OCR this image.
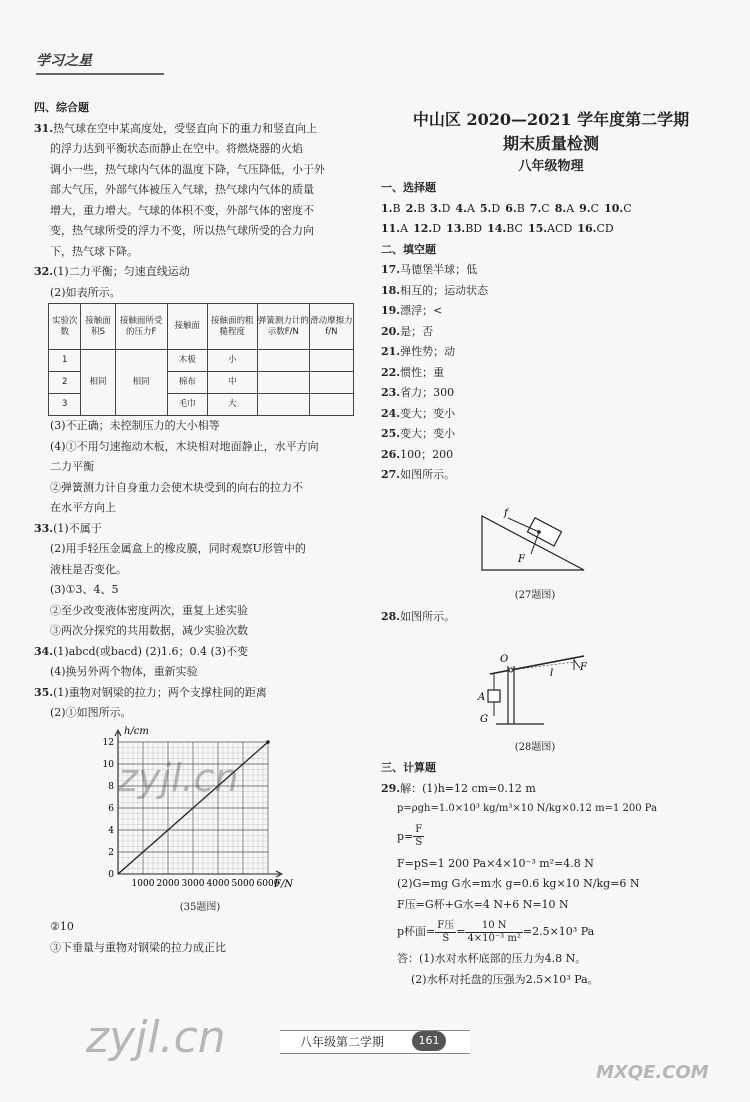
学习之星
四、综合题
31.热气球在空中某高度处，受竖直向下的重力和竖直向上
的浮力达到平衡状态而静止在空中。将燃烧器的火焰
调小一些，热气球内气体的温度下降，气压降低，小于外
部大气压，外部气体被压入气球，热气球内气体的质量
增大，重力增大。气球的体积不变，外部气体的密度不
变，热气球所受的浮力不变，所以热气球所受的合力向
下，热气球下降。
32.(1)二力平衡；匀速直线运动
(2)如表所示。
实验次数	接触面积S	接触面所受的压力F	接触面	接触面的粗糙程度	弹簧测力计的示数F/N	滑动摩擦力f/N
1	相同	相同	木板	小		
2			棉布	中		
3			毛巾	大		
(3)不正确；未控制压力的大小相等
(4)①不用匀速拖动木板，木块相对地面静止，水平方向
二力平衡
②弹簧测力计自身重力会使木块受到的向右的拉力不
在水平方向上
33.(1)不属于
(2)用手轻压金属盒上的橡皮膜，同时观察U形管中的
液柱是否变化。
(3)①3、4、5
②至少改变液体密度两次，重复上述实验
③两次分探究的共用数据，减少实验次数
34.(1)abcd(或bacd) (2)1.6；0.4 (3)不变
(4)换另外两个物体，重新实验
35.(1)重物对钢梁的拉力；两个支撑柱间的距离
(2)①如图所示。
0
2
4
6
8
10
12
1000 2000 3000 4000 5000 6000
h/cm
F/N
(35题图)
②10
③下垂量与重物对钢梁的拉力成正比
中山区 2020—2021 学年度第二学期
期末质量检测
八年级物理
一、选择题
1.B 2.B 3.D 4.A 5.D 6.B 7.C 8.A 9.C 10.C
11.A 12.D 13.BD 14.BC 15.ACD 16.CD
二、填空题
17.马德堡半球；低
18.相互的；运动状态
19.漂浮；<
20.是；否
21.弹性势；动
22.惯性；重
23.省力；300
24.变大；变小
25.变大；变小
26.100；200
27.如图所示。
f
F
(27题图)
28.如图所示。
O
l
F
A
G
(28题图)
三、计算题
29.解：(1)h=12 cm=0.12 m
p=ρgh=1.0×10³ kg/m³×10 N/kg×0.12 m=1 200 Pa
$p= \frac{F}{S}$
F=pS=1 200 Pa×4×10⁻³ m²=4.8 N
(2)G=mg G水=m水 g=0.6 kg×10 N/kg=6 N
F压=G杯+G水=4 N+6 N=10 N
p杯面= $\frac{\text{F压}}{S} = \frac{10 N}{\text{4×10⁻³ m²}} =2.5\times 10^3$ Pa
答：(1)水对水杯底部的压力为4.8 N。
(2)水杯对托盘的压强为2.5×10³ Pa。
八年级第二学期	161
zyjl.cn
zyjl.cn
MXQE.COM
